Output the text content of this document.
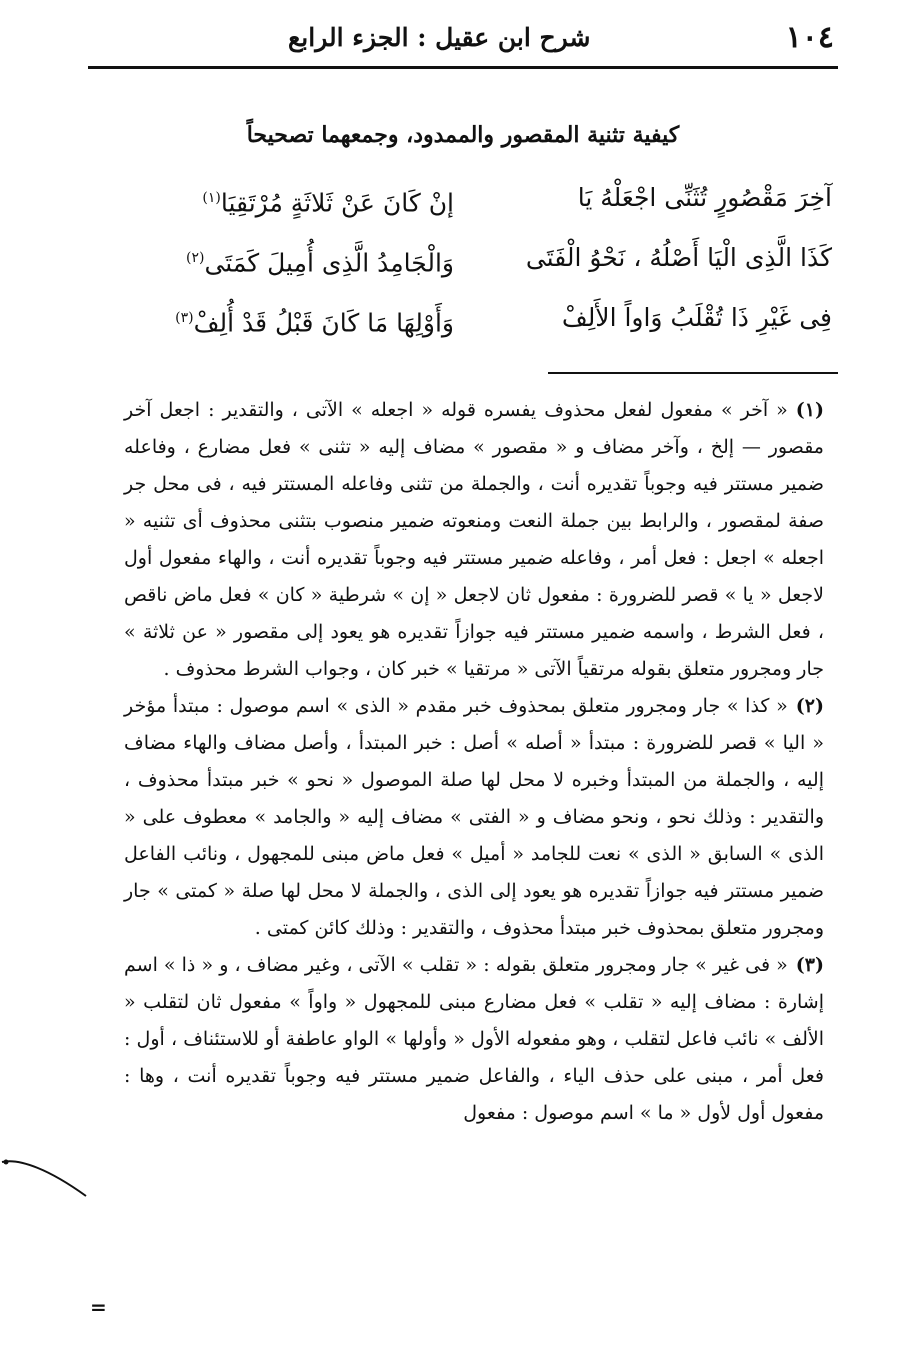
١٠٤
شرح ابن عقيل : الجزء الرابع
كيفية تثنية المقصور والممدود، وجمعهما تصحيحاً
آخِرَ مَقْصُورٍ تُثَنِّى اجْعَلْهُ يَا
إنْ كَانَ عَنْ ثَلاثَةٍ مُرْتَقِيَا$^{(١)}$
كَذَا الَّذِى الْيَا أَصْلُهُ ، نَحْوُ الْفَتَى
وَالْجَامِدُ الَّذِى أُمِيلَ كَمَتَى$^{(٢)}$
فِى غَيْرِ ذَا تُقْلَبُ وَاواً الأَلِفْ
وَأَوْلِهَا مَا كَانَ قَبْلُ قَدْ أُلِفْ$^{(٣)}$

(١)« آخر » مفعول لفعل محذوف يفسره قوله « اجعله » الآتى ، والتقدير : اجعل آخر مقصور — إلخ ، وآخر مضاف و « مقصور » مضاف إليه « تثنى » فعل مضارع ، وفاعله ضمير مستتر فيه وجوباً تقديره أنت ، والجملة من تثنى وفاعله المستتر فيه ، فى محل جر صفة لمقصور ، والرابط بين جملة النعت ومنعوته ضمير منصوب بتثنى محذوف أى تثنيه « اجعله » اجعل : فعل أمر ، وفاعله ضمير مستتر فيه وجوباً تقديره أنت ، والهاء مفعول أول لاجعل « يا » قصر للضرورة : مفعول ثان لاجعل « إن » شرطية « كان » فعل ماض ناقص ، فعل الشرط ، واسمه ضمير مستتر فيه جوازاً تقديره هو يعود إلى مقصور « عن ثلاثة » جار ومجرور متعلق بقوله مرتقياً الآتى « مرتقيا » خبر كان ، وجواب الشرط محذوف .

(٢)« كذا » جار ومجرور متعلق بمحذوف خبر مقدم « الذى » اسم موصول : مبتدأ مؤخر « اليا » قصر للضرورة : مبتدأ « أصله » أصل : خبر المبتدأ ، وأصل مضاف والهاء مضاف إليه ، والجملة من المبتدأ وخبره لا محل لها صلة الموصول « نحو » خبر مبتدأ محذوف ، والتقدير : وذلك نحو ، ونحو مضاف و « الفتى » مضاف إليه « والجامد » معطوف على « الذى » السابق « الذى » نعت للجامد « أميل » فعل ماض مبنى للمجهول ، ونائب الفاعل ضمير مستتر فيه جوازاً تقديره هو يعود إلى الذى ، والجملة لا محل لها صلة « كمتى » جار ومجرور متعلق بمحذوف خبر مبتدأ محذوف ، والتقدير : وذلك كائن كمتى .

(٣)« فى غير » جار ومجرور متعلق بقوله : « تقلب » الآتى ، وغير مضاف ، و « ذا » اسم إشارة : مضاف إليه « تقلب » فعل مضارع مبنى للمجهول « واواً » مفعول ثان لتقلب « الألف » نائب فاعل لتقلب ، وهو مفعوله الأول « وأولها » الواو عاطفة أو للاستئناف ، أول : فعل أمر ، مبنى على حذف الياء ، والفاعل ضمير مستتر فيه وجوباً تقديره أنت ، وها : مفعول أول لأول « ما » اسم موصول : مفعول

=
